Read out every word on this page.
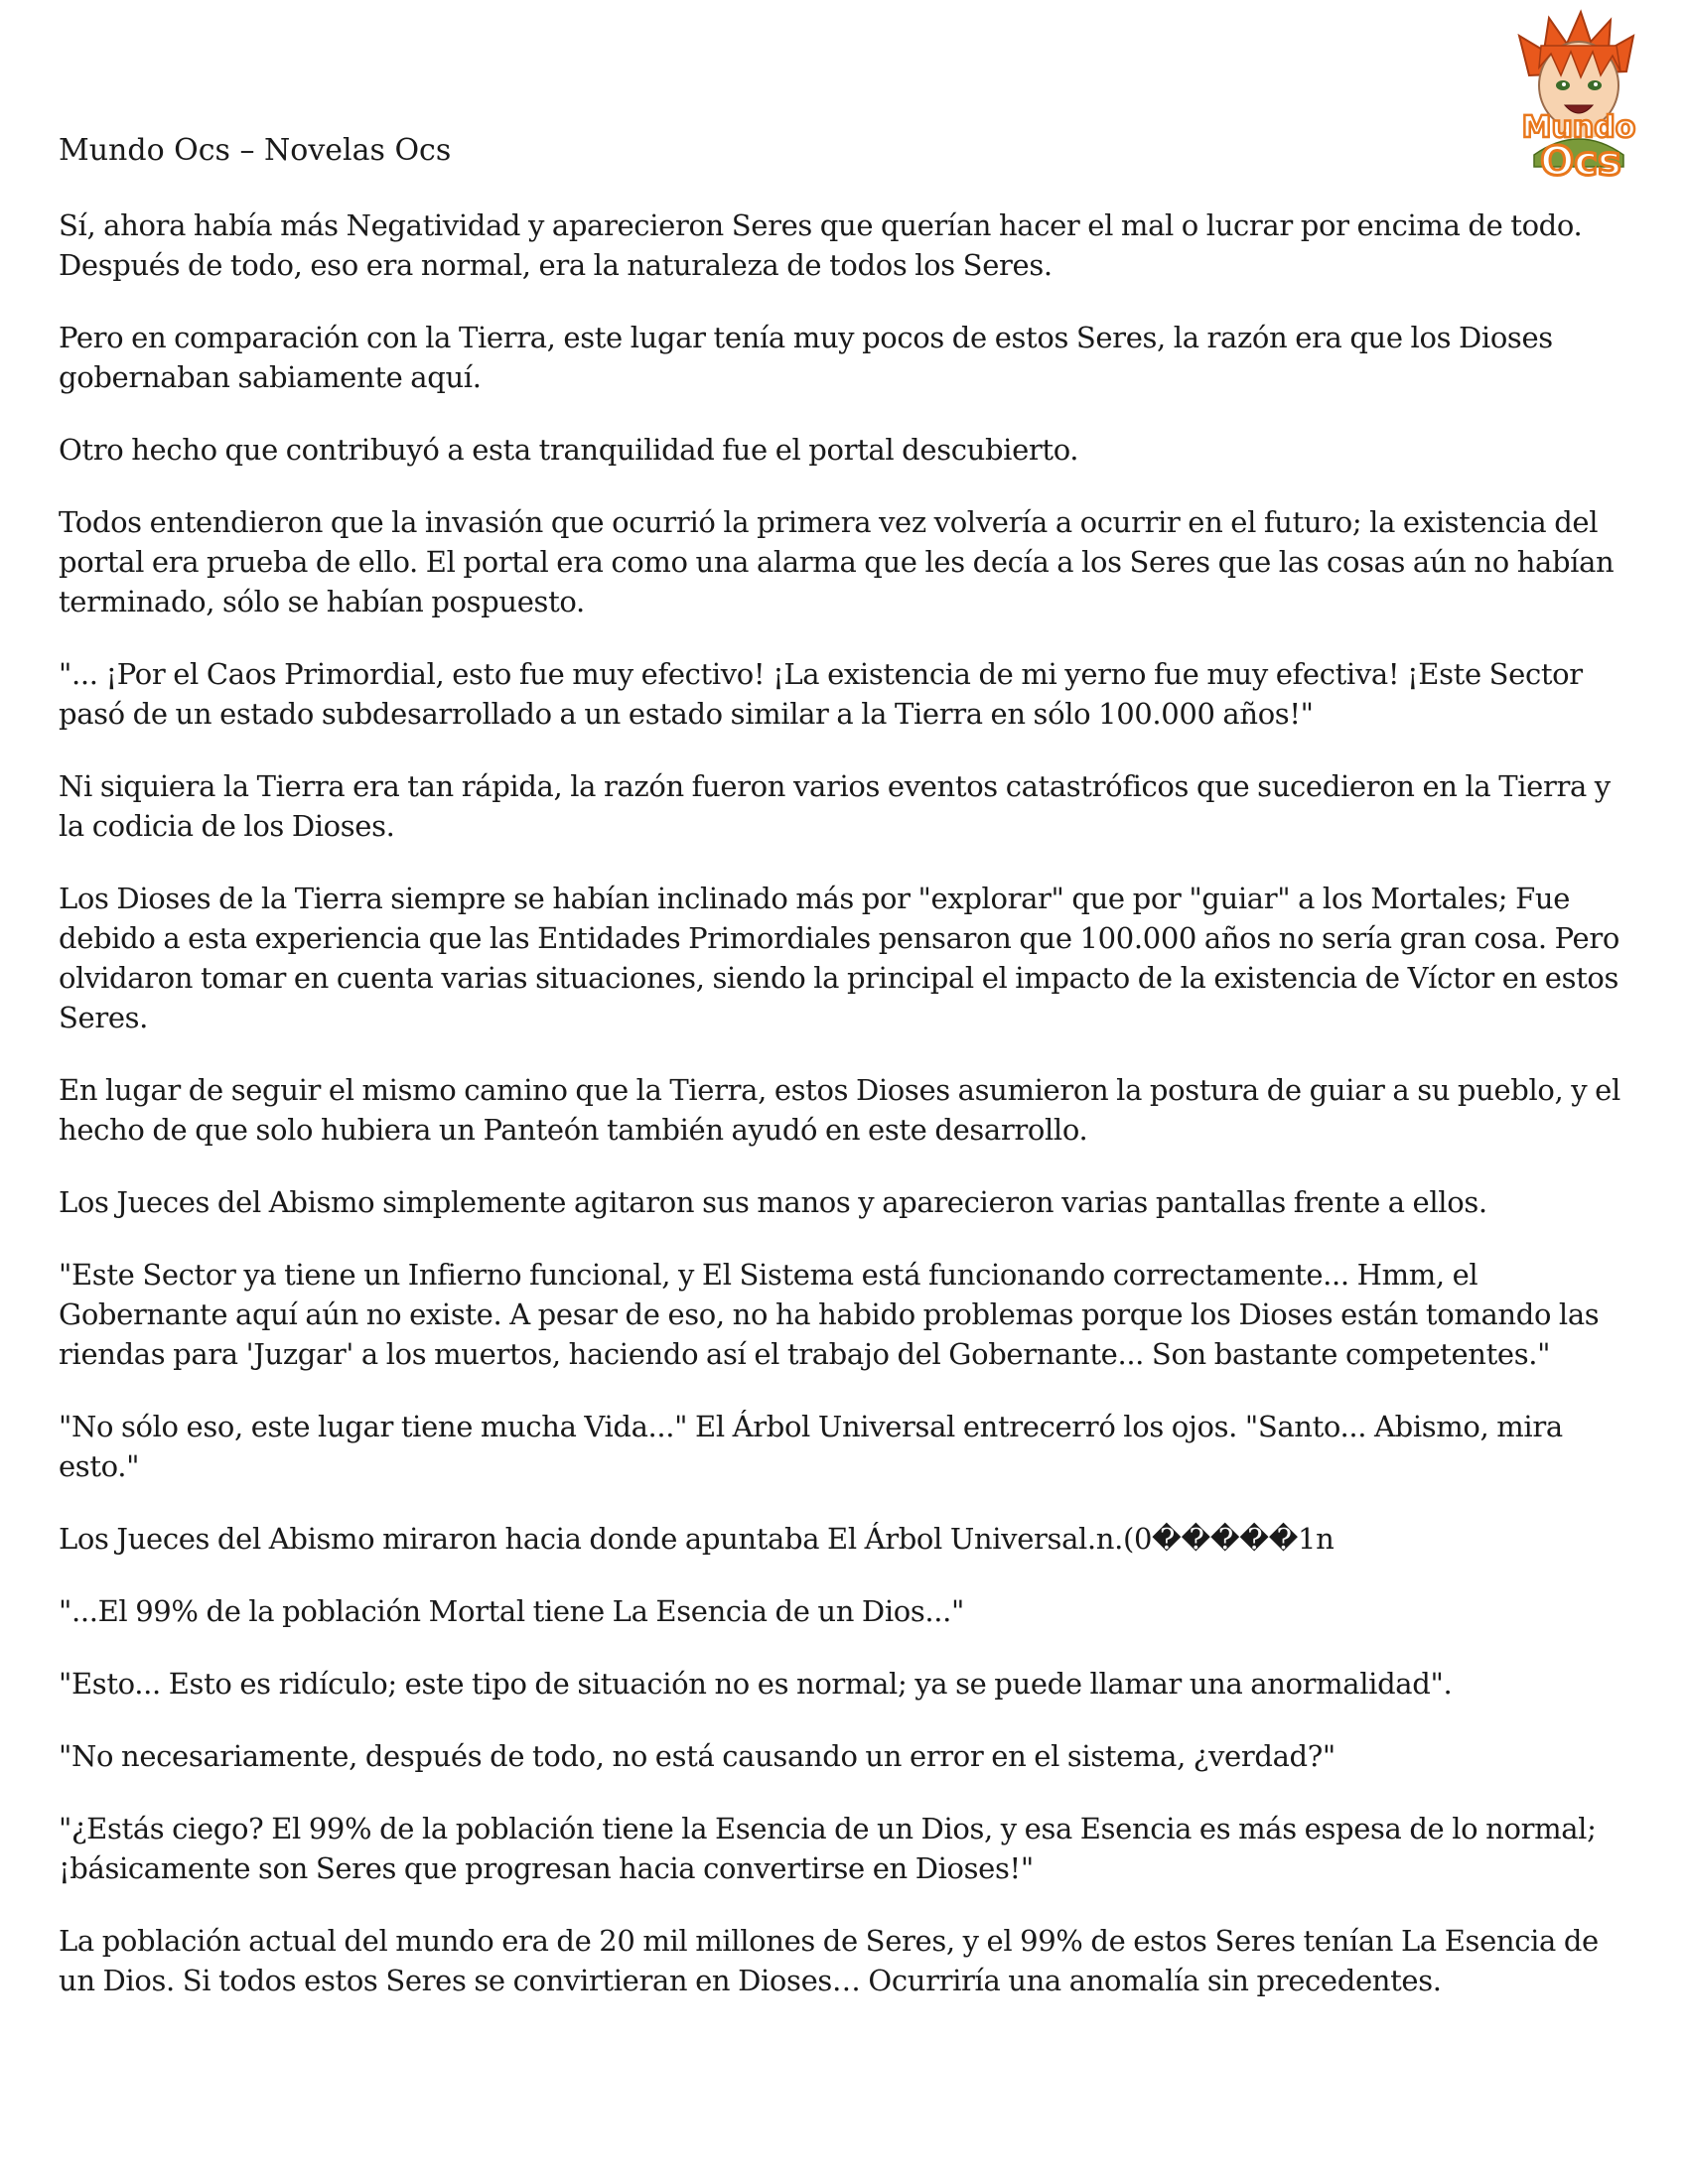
Mundo Ocs – Novelas Ocs
Mundo
Ocs

Sí, ahora había más Negatividad y aparecieron Seres que querían hacer el mal o lucrar por encima de todo. Después de todo, eso era normal, era la naturaleza de todos los Seres.

Pero en comparación con la Tierra, este lugar tenía muy pocos de estos Seres, la razón era que los Dioses gobernaban sabiamente aquí.

Otro hecho que contribuyó a esta tranquilidad fue el portal descubierto.

Todos entendieron que la invasión que ocurrió la primera vez volvería a ocurrir en el futuro; la existencia del portal era prueba de ello. El portal era como una alarma que les decía a los Seres que las cosas aún no habían terminado, sólo se habían pospuesto.

"... ¡Por el Caos Primordial, esto fue muy efectivo! ¡La existencia de mi yerno fue muy efectiva! ¡Este Sector pasó de un estado subdesarrollado a un estado similar a la Tierra en sólo 100.000 años!"

Ni siquiera la Tierra era tan rápida, la razón fueron varios eventos catastróficos que sucedieron en la Tierra y la codicia de los Dioses.

Los Dioses de la Tierra siempre se habían inclinado más por "explorar" que por "guiar" a los Mortales; Fue debido a esta experiencia que las Entidades Primordiales pensaron que 100.000 años no sería gran cosa. Pero olvidaron tomar en cuenta varias situaciones, siendo la principal el impacto de la existencia de Víctor en estos Seres.

En lugar de seguir el mismo camino que la Tierra, estos Dioses asumieron la postura de guiar a su pueblo, y el hecho de que solo hubiera un Panteón también ayudó en este desarrollo.

Los Jueces del Abismo simplemente agitaron sus manos y aparecieron varias pantallas frente a ellos.

"Este Sector ya tiene un Infierno funcional, y El Sistema está funcionando correctamente... Hmm, el Gobernante aquí aún no existe. A pesar de eso, no ha habido problemas porque los Dioses están tomando las riendas para 'Juzgar' a los muertos, haciendo así el trabajo del Gobernante... Son bastante competentes."

"No sólo eso, este lugar tiene mucha Vida..." El Árbol Universal entrecerró los ojos. "Santo... Abismo, mira esto."

Los Jueces del Abismo miraron hacia donde apuntaba El Árbol Universal.n.(0�����1n

"...El 99% de la población Mortal tiene La Esencia de un Dios..."

"Esto... Esto es ridículo; este tipo de situación no es normal; ya se puede llamar una anormalidad".

"No necesariamente, después de todo, no está causando un error en el sistema, ¿verdad?"

"¿Estás ciego? El 99% de la población tiene la Esencia de un Dios, y esa Esencia es más espesa de lo normal; ¡básicamente son Seres que progresan hacia convertirse en Dioses!"

La población actual del mundo era de 20 mil millones de Seres, y el 99% de estos Seres tenían La Esencia de un Dios. Si todos estos Seres se convirtieran en Dioses… Ocurriría una anomalía sin precedentes.
